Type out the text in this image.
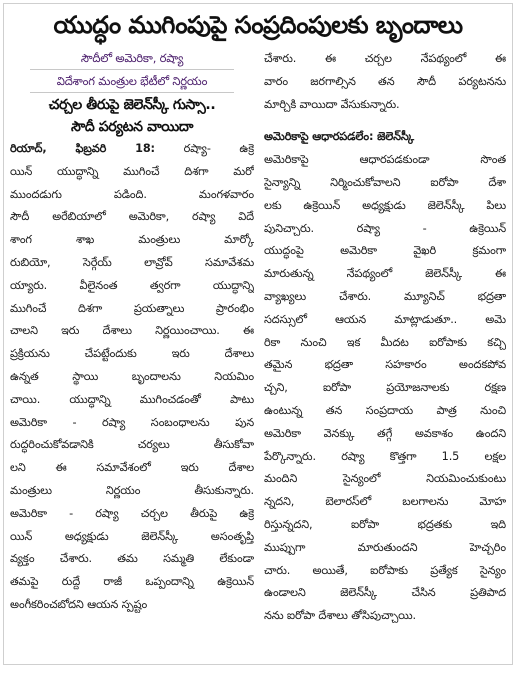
యుద్ధం ముగింపుపై సంప్రదింపులకు బృందాలు
సౌదీలో అమెరికా, రష్యా
విదేశాంగ మంత్రుల భేటీలో నిర్ణయం
చర్చల తీరుపై జెలెన్‌స్కీ గుస్సా..
సౌదీ పర్యటన వాయిదా
రియాద్, ఫిబ్రవరి 18:	రష్యా- ఉక్రె
యిన్ యుద్ధాన్ని ముగించే దిశగా మరో
ముందడుగు పడింది. మంగళవారం
సౌదీ అరేబియాలో అమెరికా, రష్యా విదే
శాంగ శాఖ మంత్రులు మార్కో
రుబియో, సెర్గేయ్ లావ్రోవ్ సమావేశమ
య్యారు. వీలైనంత త్వరగా యుద్ధాన్ని
ముగించే దిశగా ప్రయత్నాలు ప్రారంభిం
చాలని ఇరు దేశాలు నిర్ణయించాయి. ఈ
ప్రక్రియను చేపట్టేందుకు ఇరు దేశాలు
ఉన్నత స్థాయి బృందాలను నియమిం
చాయి. యుద్ధాన్ని ముగించడంతో పాటు
అమెరికా - రష్యా సంబంధాలను పున
రుద్ధరించుకోవడానికి చర్యలు తీసుకోవా
లని ఈ సమావేశంలో ఇరు దేశాల
మంత్రులు నిర్ణయం తీసుకున్నారు.
అమెరికా - రష్యా చర్చల తీరుపై ఉక్రె
యిన్ అధ్యక్షుడు జెలెన్‌స్కీ అసంతృప్తి
వ్యక్తం చేశారు. తమ సమ్మతి లేకుండా
తమపై రుద్దే రాజీ ఒప్పందాన్ని ఉక్రెయిన్
అంగీకరించబోదని ఆయన స్పష్టం
చేశారు. ఈ చర్చల నేపథ్యంలో ఈ
వారం జరగాల్సిన తన సౌదీ పర్యటనను
మార్చికి వాయిదా వేసుకున్నారు.
అమెరికాపై ఆధారపడలేం: జెలెన్‌స్కీ
అమెరికాపై ఆధారపడకుండా సొంత
సైన్యాన్ని నిర్మించుకోవాలని ఐరోపా దేశా
లకు ఉక్రెయిన్ అధ్యక్షుడు జెలెన్‌స్కీ పిలు
పునిచ్చారు. రష్యా - ఉక్రెయిన్
యుద్ధంపై అమెరికా వైఖరి క్రమంగా
మారుతున్న నేపథ్యంలో జెలెన్‌స్కీ ఈ
వ్యాఖ్యలు చేశారు. మ్యూనిచ్ భద్రతా
సదస్సులో ఆయన మాట్లాడుతూ.. అమె
రికా నుంచి ఇక మీదట ఐరోపాకు కచ్చి
తమైన భద్రతా సహకారం అందకపోవ
చ్చని, ఐరోపా ప్రయోజనాలకు రక్షణ
ఉంటున్న తన సంప్రదాయ పాత్ర నుంచి
అమెరికా వెనక్కు తగ్గే అవకాశం ఉందని
పేర్కొన్నారు. రష్యా కొత్తగా 1.5 లక్షల
మందిని సైన్యంలో నియమించుకుంటు
న్నదని, బెలారస్‌లో బలగాలను మోహ
రిస్తున్నదని, ఐరోపా భద్రతకు ఇది
ముప్పుగా మారుతుందని హెచ్చరిం
చారు. అయితే, ఐరోపాకు ప్రత్యేక సైన్యం
ఉండాలని జెలెన్‌స్కీ చేసిన ప్రతిపాద
నను ఐరోపా దేశాలు తోసిపుచ్చాయి.
